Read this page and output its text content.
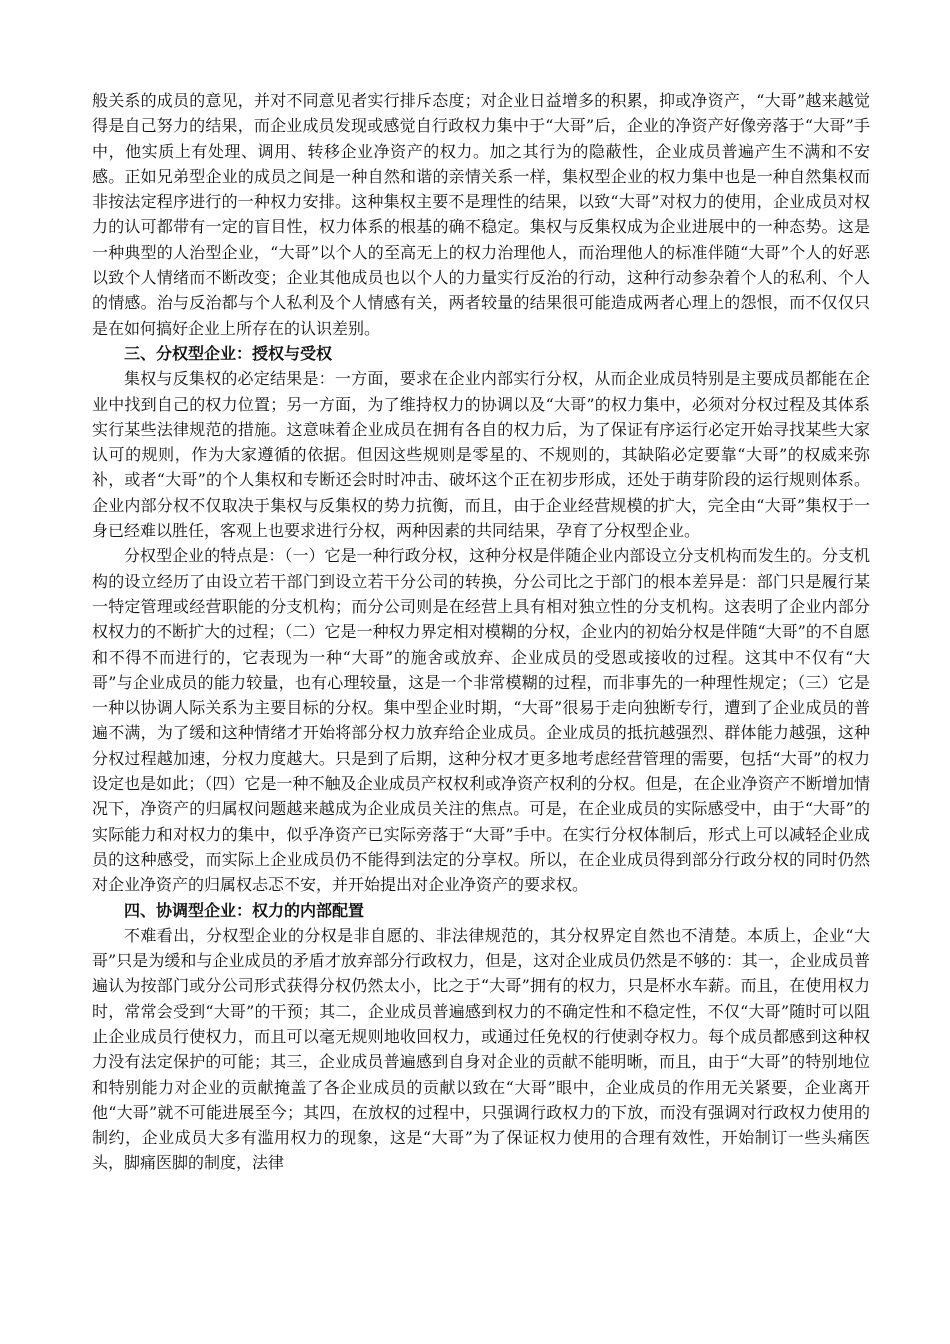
般关系的成员的意见，并对不同意见者实行排斥态度；对企业日益增多的积累，抑或净资产，“大哥”越来越觉得是自己努力的结果，而企业成员发现或感觉自行政权力集中于“大哥”后，企业的净资产好像旁落于“大哥”手中，他实质上有处理、调用、转移企业净资产的权力。加之其行为的隐蔽性，企业成员普遍产生不满和不安感。正如兄弟型企业的成员之间是一种自然和谐的亲情关系一样，集权型企业的权力集中也是一种自然集权而非按法定程序进行的一种权力安排。这种集权主要不是理性的结果，以致“大哥”对权力的使用，企业成员对权力的认可都带有一定的盲目性，权力体系的根基的确不稳定。集权与反集权成为企业进展中的一种态势。这是一种典型的人治型企业，“大哥”以个人的至高无上的权力治理他人，而治理他人的标准伴随“大哥”个人的好恶以致个人情绪而不断改变；企业其他成员也以个人的力量实行反治的行动，这种行动参杂着个人的私利、个人的情感。治与反治都与个人私利及个人情感有关，两者较量的结果很可能造成两者心理上的怨恨，而不仅仅只是在如何搞好企业上所存在的认识差别。

三、分权型企业：授权与受权

集权与反集权的必定结果是：一方面，要求在企业内部实行分权，从而企业成员特别是主要成员都能在企业中找到自己的权力位置；另一方面，为了维持权力的协调以及“大哥”的权力集中，必须对分权过程及其体系实行某些法律规范的措施。这意味着企业成员在拥有各自的权力后，为了保证有序运行必定开始寻找某些大家认可的规则，作为大家遵循的依据。但因这些规则是零星的、不规则的，其缺陷必定要靠“大哥”的权威来弥补，或者“大哥”的个人集权和专断还会时时冲击、破坏这个正在初步形成，还处于萌芽阶段的运行规则体系。企业内部分权不仅取决于集权与反集权的势力抗衡，而且，由于企业经营规模的扩大，完全由“大哥”集权于一身已经难以胜任，客观上也要求进行分权，两种因素的共同结果，孕育了分权型企业。

分权型企业的特点是：（一）它是一种行政分权，这种分权是伴随企业内部设立分支机构而发生的。分支机构的设立经历了由设立若干部门到设立若干分公司的转换，分公司比之于部门的根本差异是：部门只是履行某一特定管理或经营职能的分支机构；而分公司则是在经营上具有相对独立性的分支机构。这表明了企业内部分权权力的不断扩大的过程；（二）它是一种权力界定相对模糊的分权，企业内的初始分权是伴随“大哥”的不自愿和不得不而进行的，它表现为一种“大哥”的施舍或放弃、企业成员的受恩或接收的过程。这其中不仅有“大哥”与企业成员的能力较量，也有心理较量，这是一个非常模糊的过程，而非事先的一种理性规定；（三）它是一种以协调人际关系为主要目标的分权。集中型企业时期，“大哥”很易于走向独断专行，遭到了企业成员的普遍不满，为了缓和这种情绪才开始将部分权力放弃给企业成员。企业成员的抵抗越强烈、群体能力越强，这种分权过程越加速，分权力度越大。只是到了后期，这种分权才更多地考虑经营管理的需要，包括“大哥”的权力设定也是如此；（四）它是一种不触及企业成员产权权利或净资产权利的分权。但是，在企业净资产不断增加情况下，净资产的归属权问题越来越成为企业成员关注的焦点。可是，在企业成员的实际感受中，由于“大哥”的实际能力和对权力的集中，似乎净资产已实际旁落于“大哥”手中。在实行分权体制后，形式上可以减轻企业成员的这种感受，而实际上企业成员仍不能得到法定的分享权。所以，在企业成员得到部分行政分权的同时仍然对企业净资产的归属权忐忑不安，并开始提出对企业净资产的要求权。

四、协调型企业：权力的内部配置

不难看出，分权型企业的分权是非自愿的、非法律规范的，其分权界定自然也不清楚。本质上，企业“大哥”只是为缓和与企业成员的矛盾才放弃部分行政权力，但是，这对企业成员仍然是不够的：其一，企业成员普遍认为按部门或分公司形式获得分权仍然太小，比之于“大哥”拥有的权力，只是杯水车薪。而且，在使用权力时，常常会受到“大哥”的干预；其二，企业成员普遍感到权力的不确定性和不稳定性，不仅“大哥”随时可以阻止企业成员行使权力，而且可以毫无规则地收回权力，或通过任免权的行使剥夺权力。每个成员都感到这种权力没有法定保护的可能；其三，企业成员普遍感到自身对企业的贡献不能明晰，而且，由于“大哥”的特别地位和特别能力对企业的贡献掩盖了各企业成员的贡献以致在“大哥”眼中，企业成员的作用无关紧要，企业离开他“大哥”就不可能进展至今；其四，在放权的过程中，只强调行政权力的下放，而没有强调对行政权力使用的制约，企业成员大多有滥用权力的现象，这是“大哥”为了保证权力使用的合理有效性，开始制订一些头痛医头，脚痛医脚的制度，法律
